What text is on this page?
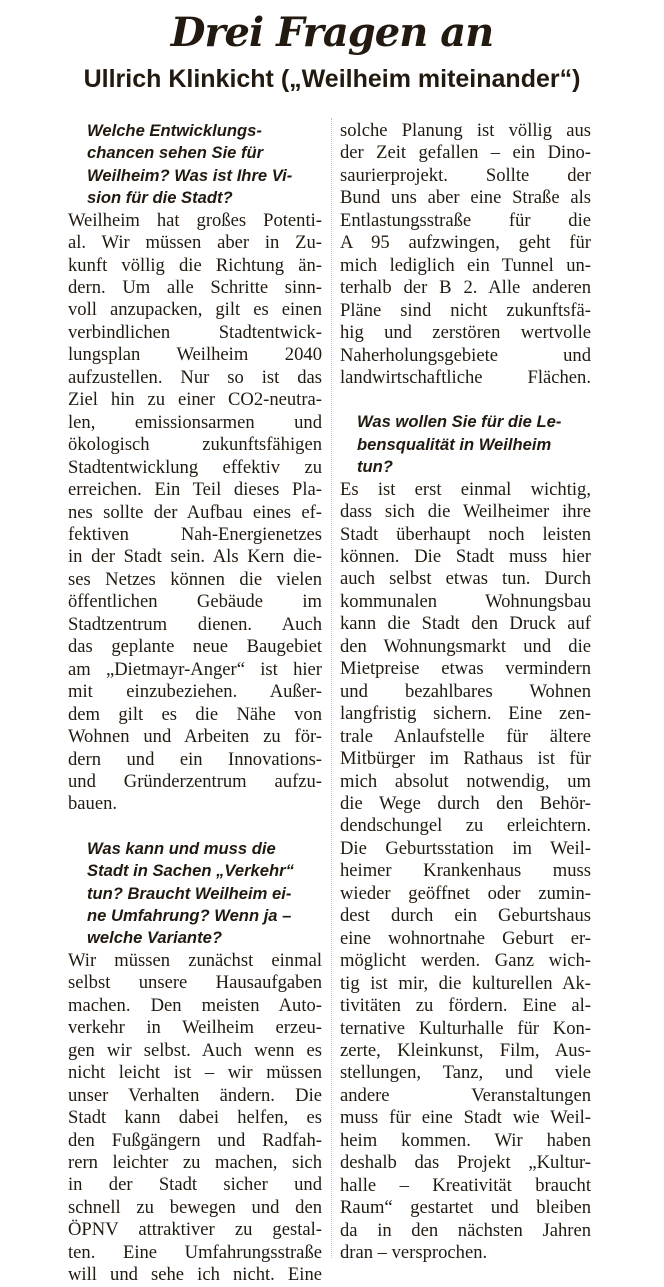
Drei Fragen an
Ullrich Klinkicht („Weilheim miteinander“)
Welche Entwicklungs-
chancen sehen Sie für
Weilheim? Was ist Ihre Vi-
sion für die Stadt?
Weilheim hat großes Potenti-
al. Wir müssen aber in Zu-
kunft völlig die Richtung än-
dern. Um alle Schritte sinn-
voll anzupacken, gilt es einen
verbindlichen Stadtentwick-
lungsplan Weilheim 2040
aufzustellen. Nur so ist das
Ziel hin zu einer CO2-neutra-
len, emissionsarmen und
ökologisch zukunftsfähigen
Stadtentwicklung effektiv zu
erreichen. Ein Teil dieses Pla-
nes sollte der Aufbau eines ef-
fektiven Nah-Energienetzes
in der Stadt sein. Als Kern die-
ses Netzes können die vielen
öffentlichen Gebäude im
Stadtzentrum dienen. Auch
das geplante neue Baugebiet
am „Dietmayr-Anger“ ist hier
mit einzubeziehen. Außer-
dem gilt es die Nähe von
Wohnen und Arbeiten zu för-
dern und ein Innovations-
und Gründerzentrum aufzu-
bauen.
Was kann und muss die
Stadt in Sachen „Verkehr“
tun? Braucht Weilheim ei-
ne Umfahrung? Wenn ja –
welche Variante?
Wir müssen zunächst einmal
selbst unsere Hausaufgaben
machen. Den meisten Auto-
verkehr in Weilheim erzeu-
gen wir selbst. Auch wenn es
nicht leicht ist – wir müssen
unser Verhalten ändern. Die
Stadt kann dabei helfen, es
den Fußgängern und Radfah-
rern leichter zu machen, sich
in der Stadt sicher und
schnell zu bewegen und den
ÖPNV attraktiver zu gestal-
ten. Eine Umfahrungsstraße
will und sehe ich nicht. Eine
solche Planung ist völlig aus
der Zeit gefallen – ein Dino-
saurierprojekt. Sollte der
Bund uns aber eine Straße als
Entlastungsstraße für die
A 95 aufzwingen, geht für
mich lediglich ein Tunnel un-
terhalb der B 2. Alle anderen
Pläne sind nicht zukunftsfä-
hig und zerstören wertvolle
Naherholungsgebiete und
landwirtschaftliche Flächen.
Was wollen Sie für die Le-
bensqualität in Weilheim
tun?
Es ist erst einmal wichtig,
dass sich die Weilheimer ihre
Stadt überhaupt noch leisten
können. Die Stadt muss hier
auch selbst etwas tun. Durch
kommunalen Wohnungsbau
kann die Stadt den Druck auf
den Wohnungsmarkt und die
Mietpreise etwas vermindern
und bezahlbares Wohnen
langfristig sichern. Eine zen-
trale Anlaufstelle für ältere
Mitbürger im Rathaus ist für
mich absolut notwendig, um
die Wege durch den Behör-
dendschungel zu erleichtern.
Die Geburtsstation im Weil-
heimer Krankenhaus muss
wieder geöffnet oder zumin-
dest durch ein Geburtshaus
eine wohnortnahe Geburt er-
möglicht werden. Ganz wich-
tig ist mir, die kulturellen Ak-
tivitäten zu fördern. Eine al-
ternative Kulturhalle für Kon-
zerte, Kleinkunst, Film, Aus-
stellungen, Tanz, und viele
andere Veranstaltungen
muss für eine Stadt wie Weil-
heim kommen. Wir haben
deshalb das Projekt „Kultur-
halle – Kreativität braucht
Raum“ gestartet und bleiben
da in den nächsten Jahren
dran – versprochen.
